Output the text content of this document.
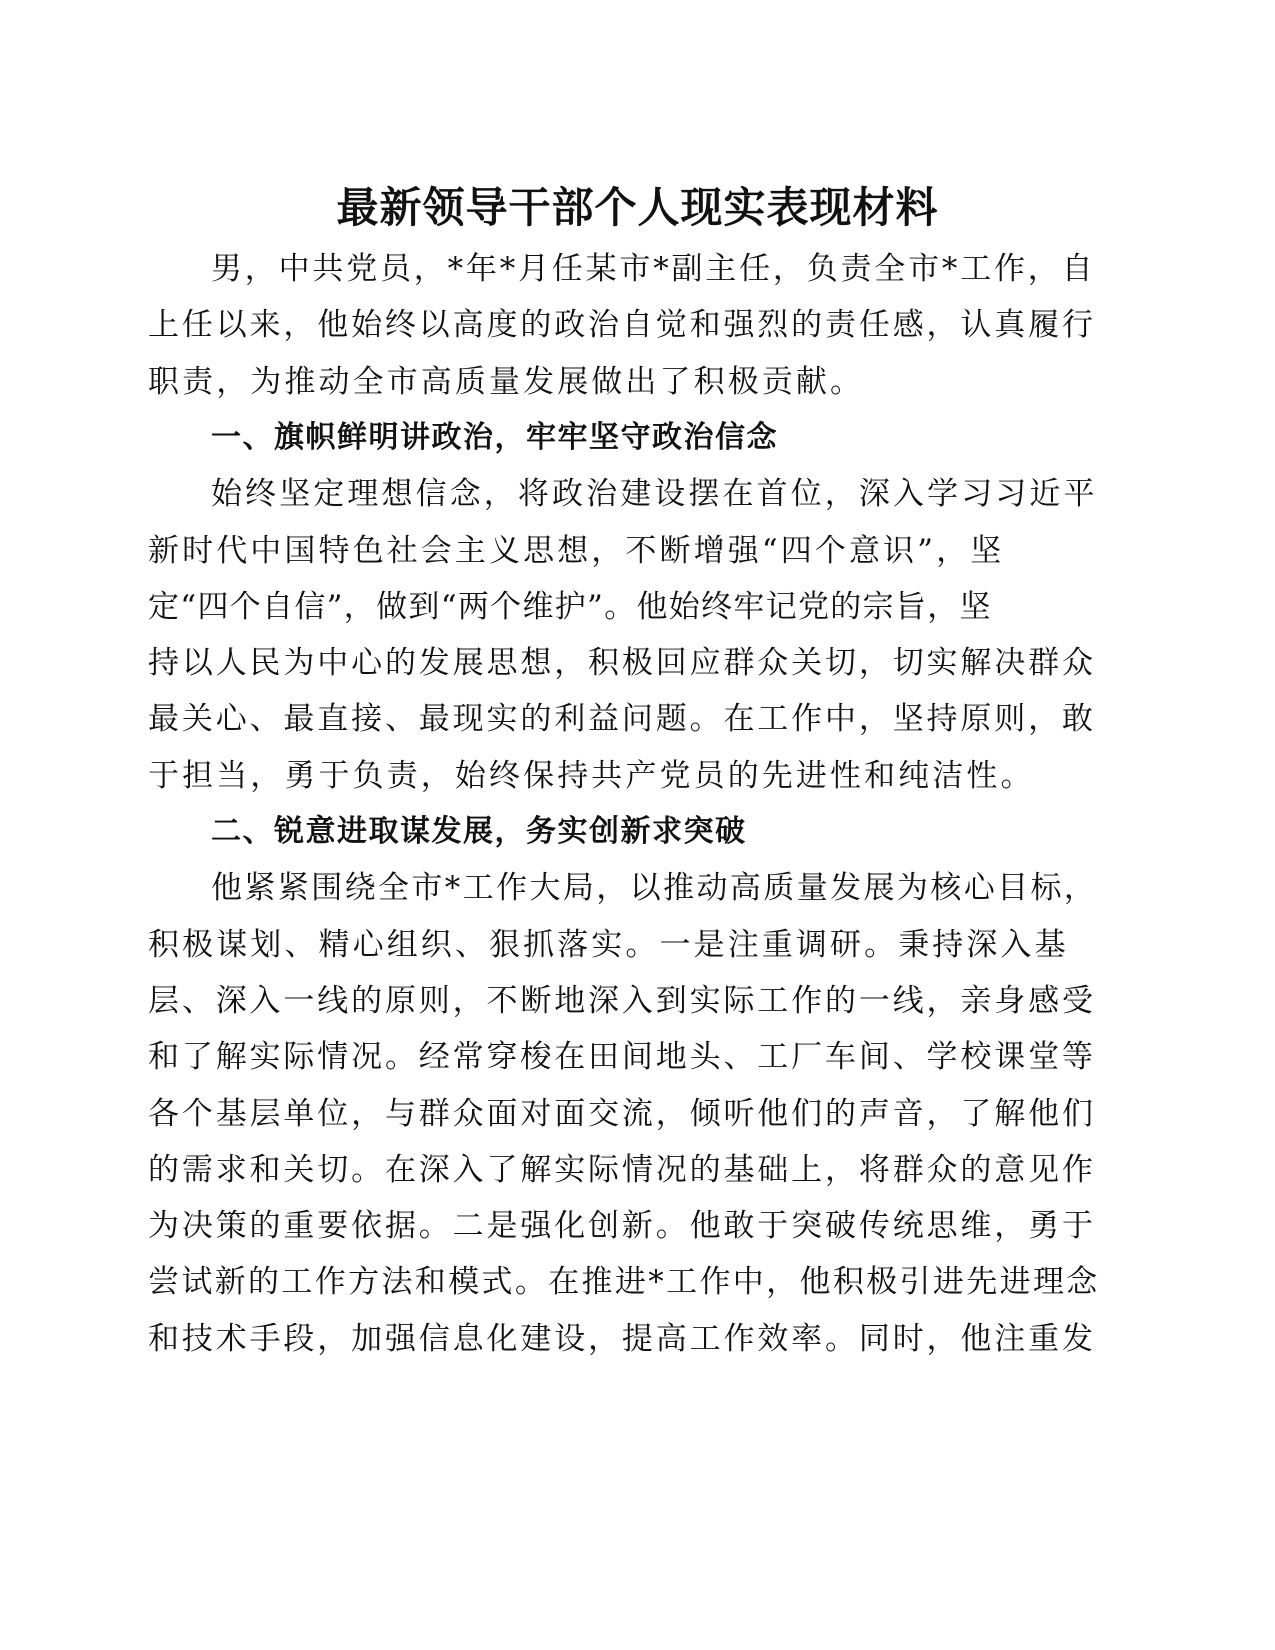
最新领导干部个人现实表现材料
男，中共党员，*年*月任某市*副主任，负责全市*工作，自
上任以来，他始终以高度的政治自觉和强烈的责任感，认真履行
职责，为推动全市高质量发展做出了积极贡献。
一、旗帜鲜明讲政治，牢牢坚守政治信念
始终坚定理想信念，将政治建设摆在首位，深入学习习近平
新时代中国特色社会主义思想，不断增强“四个意识”，坚
定“四个自信”，做到“两个维护”。他始终牢记党的宗旨，坚
持以人民为中心的发展思想，积极回应群众关切，切实解决群众
最关心、最直接、最现实的利益问题。在工作中，坚持原则，敢
于担当，勇于负责，始终保持共产党员的先进性和纯洁性。
二、锐意进取谋发展，务实创新求突破
他紧紧围绕全市*工作大局，以推动高质量发展为核心目标，
积极谋划、精心组织、狠抓落实。一是注重调研。秉持深入基
层、深入一线的原则，不断地深入到实际工作的一线，亲身感受
和了解实际情况。经常穿梭在田间地头、工厂车间、学校课堂等
各个基层单位，与群众面对面交流，倾听他们的声音，了解他们
的需求和关切。在深入了解实际情况的基础上，将群众的意见作
为决策的重要依据。二是强化创新。他敢于突破传统思维，勇于
尝试新的工作方法和模式。在推进*工作中，他积极引进先进理念
和技术手段，加强信息化建设，提高工作效率。同时，他注重发
